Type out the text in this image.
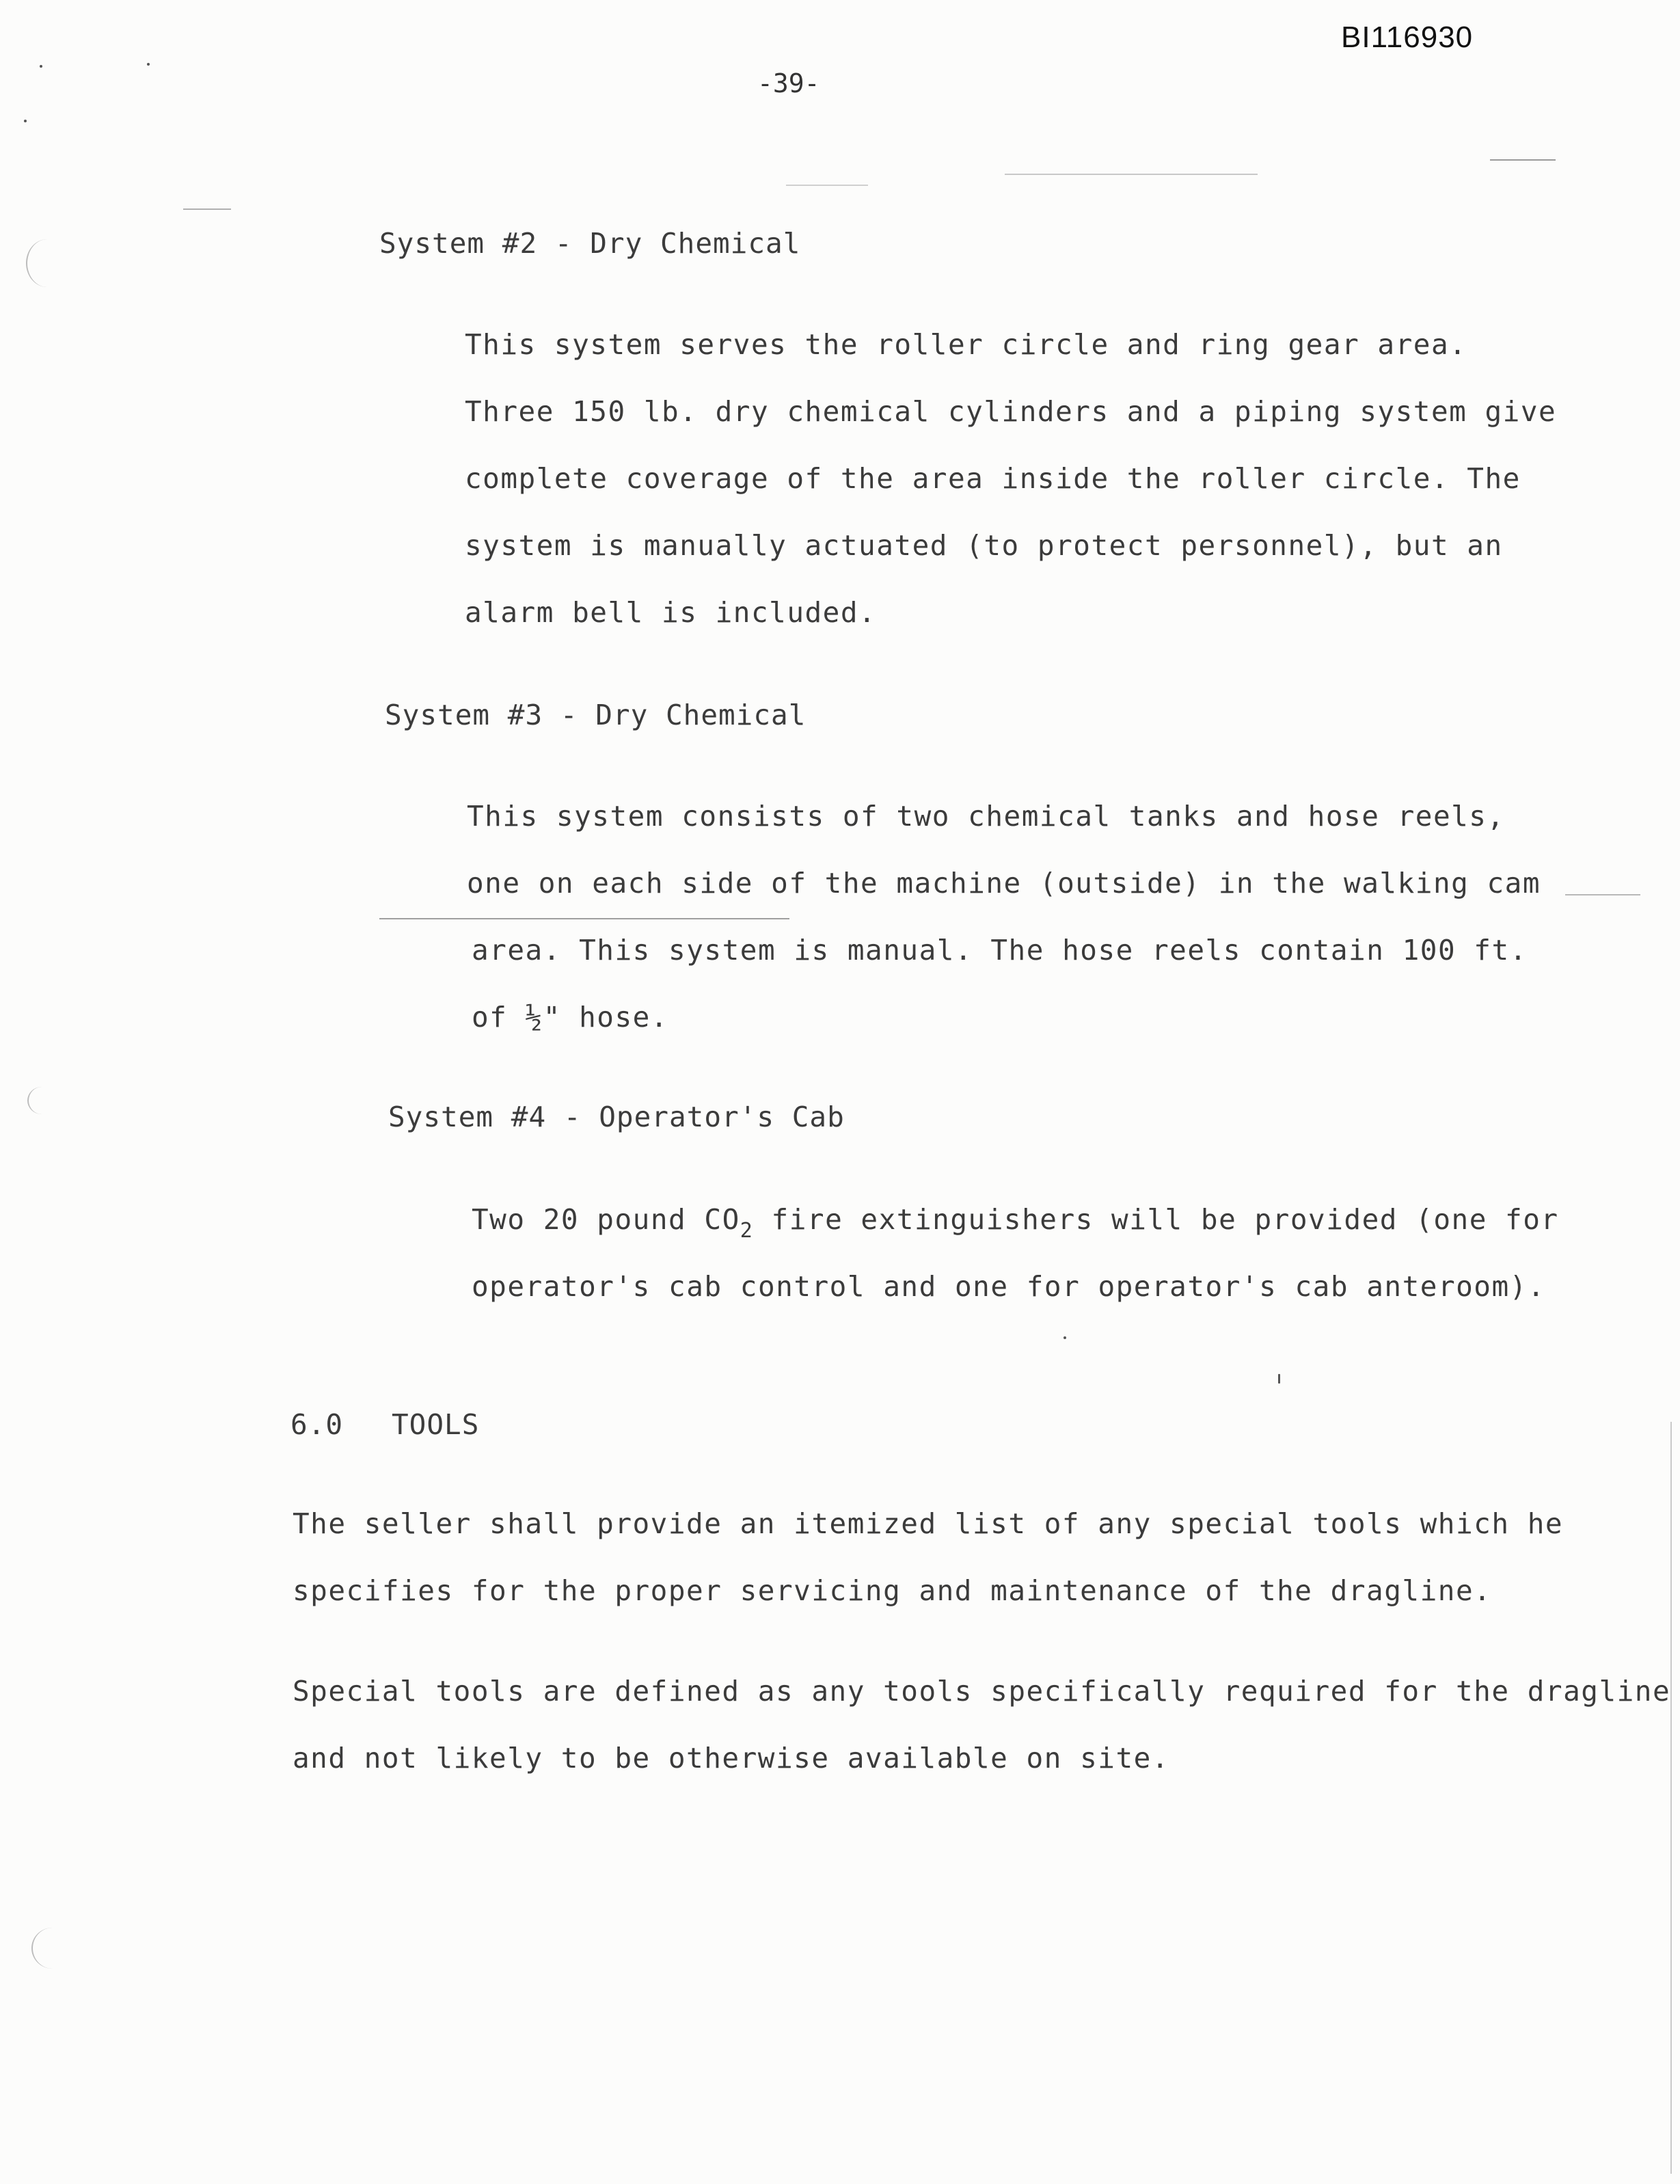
BI116930
-39-
System #2 - Dry Chemical
This system serves the roller circle and ring gear area.
Three 150 lb. dry chemical cylinders and a piping system give
complete coverage of the area inside the roller circle. The
system is manually actuated (to protect personnel), but an
alarm bell is included.
System #3 - Dry Chemical
This system consists of two chemical tanks and hose reels,
one on each side of the machine (outside) in the walking cam
area. This system is manual. The hose reels contain 100 ft.
of ½" hose.
System #4 - Operator's Cab
Two 20 pound $CO_2$ fire extinguishers will be provided (one for
operator's cab control and one for operator's cab anteroom).
6.0 TOOLS
The seller shall provide an itemized list of any special tools which he
specifies for the proper servicing and maintenance of the dragline.
Special tools are defined as any tools specifically required for the dragline
and not likely to be otherwise available on site.
